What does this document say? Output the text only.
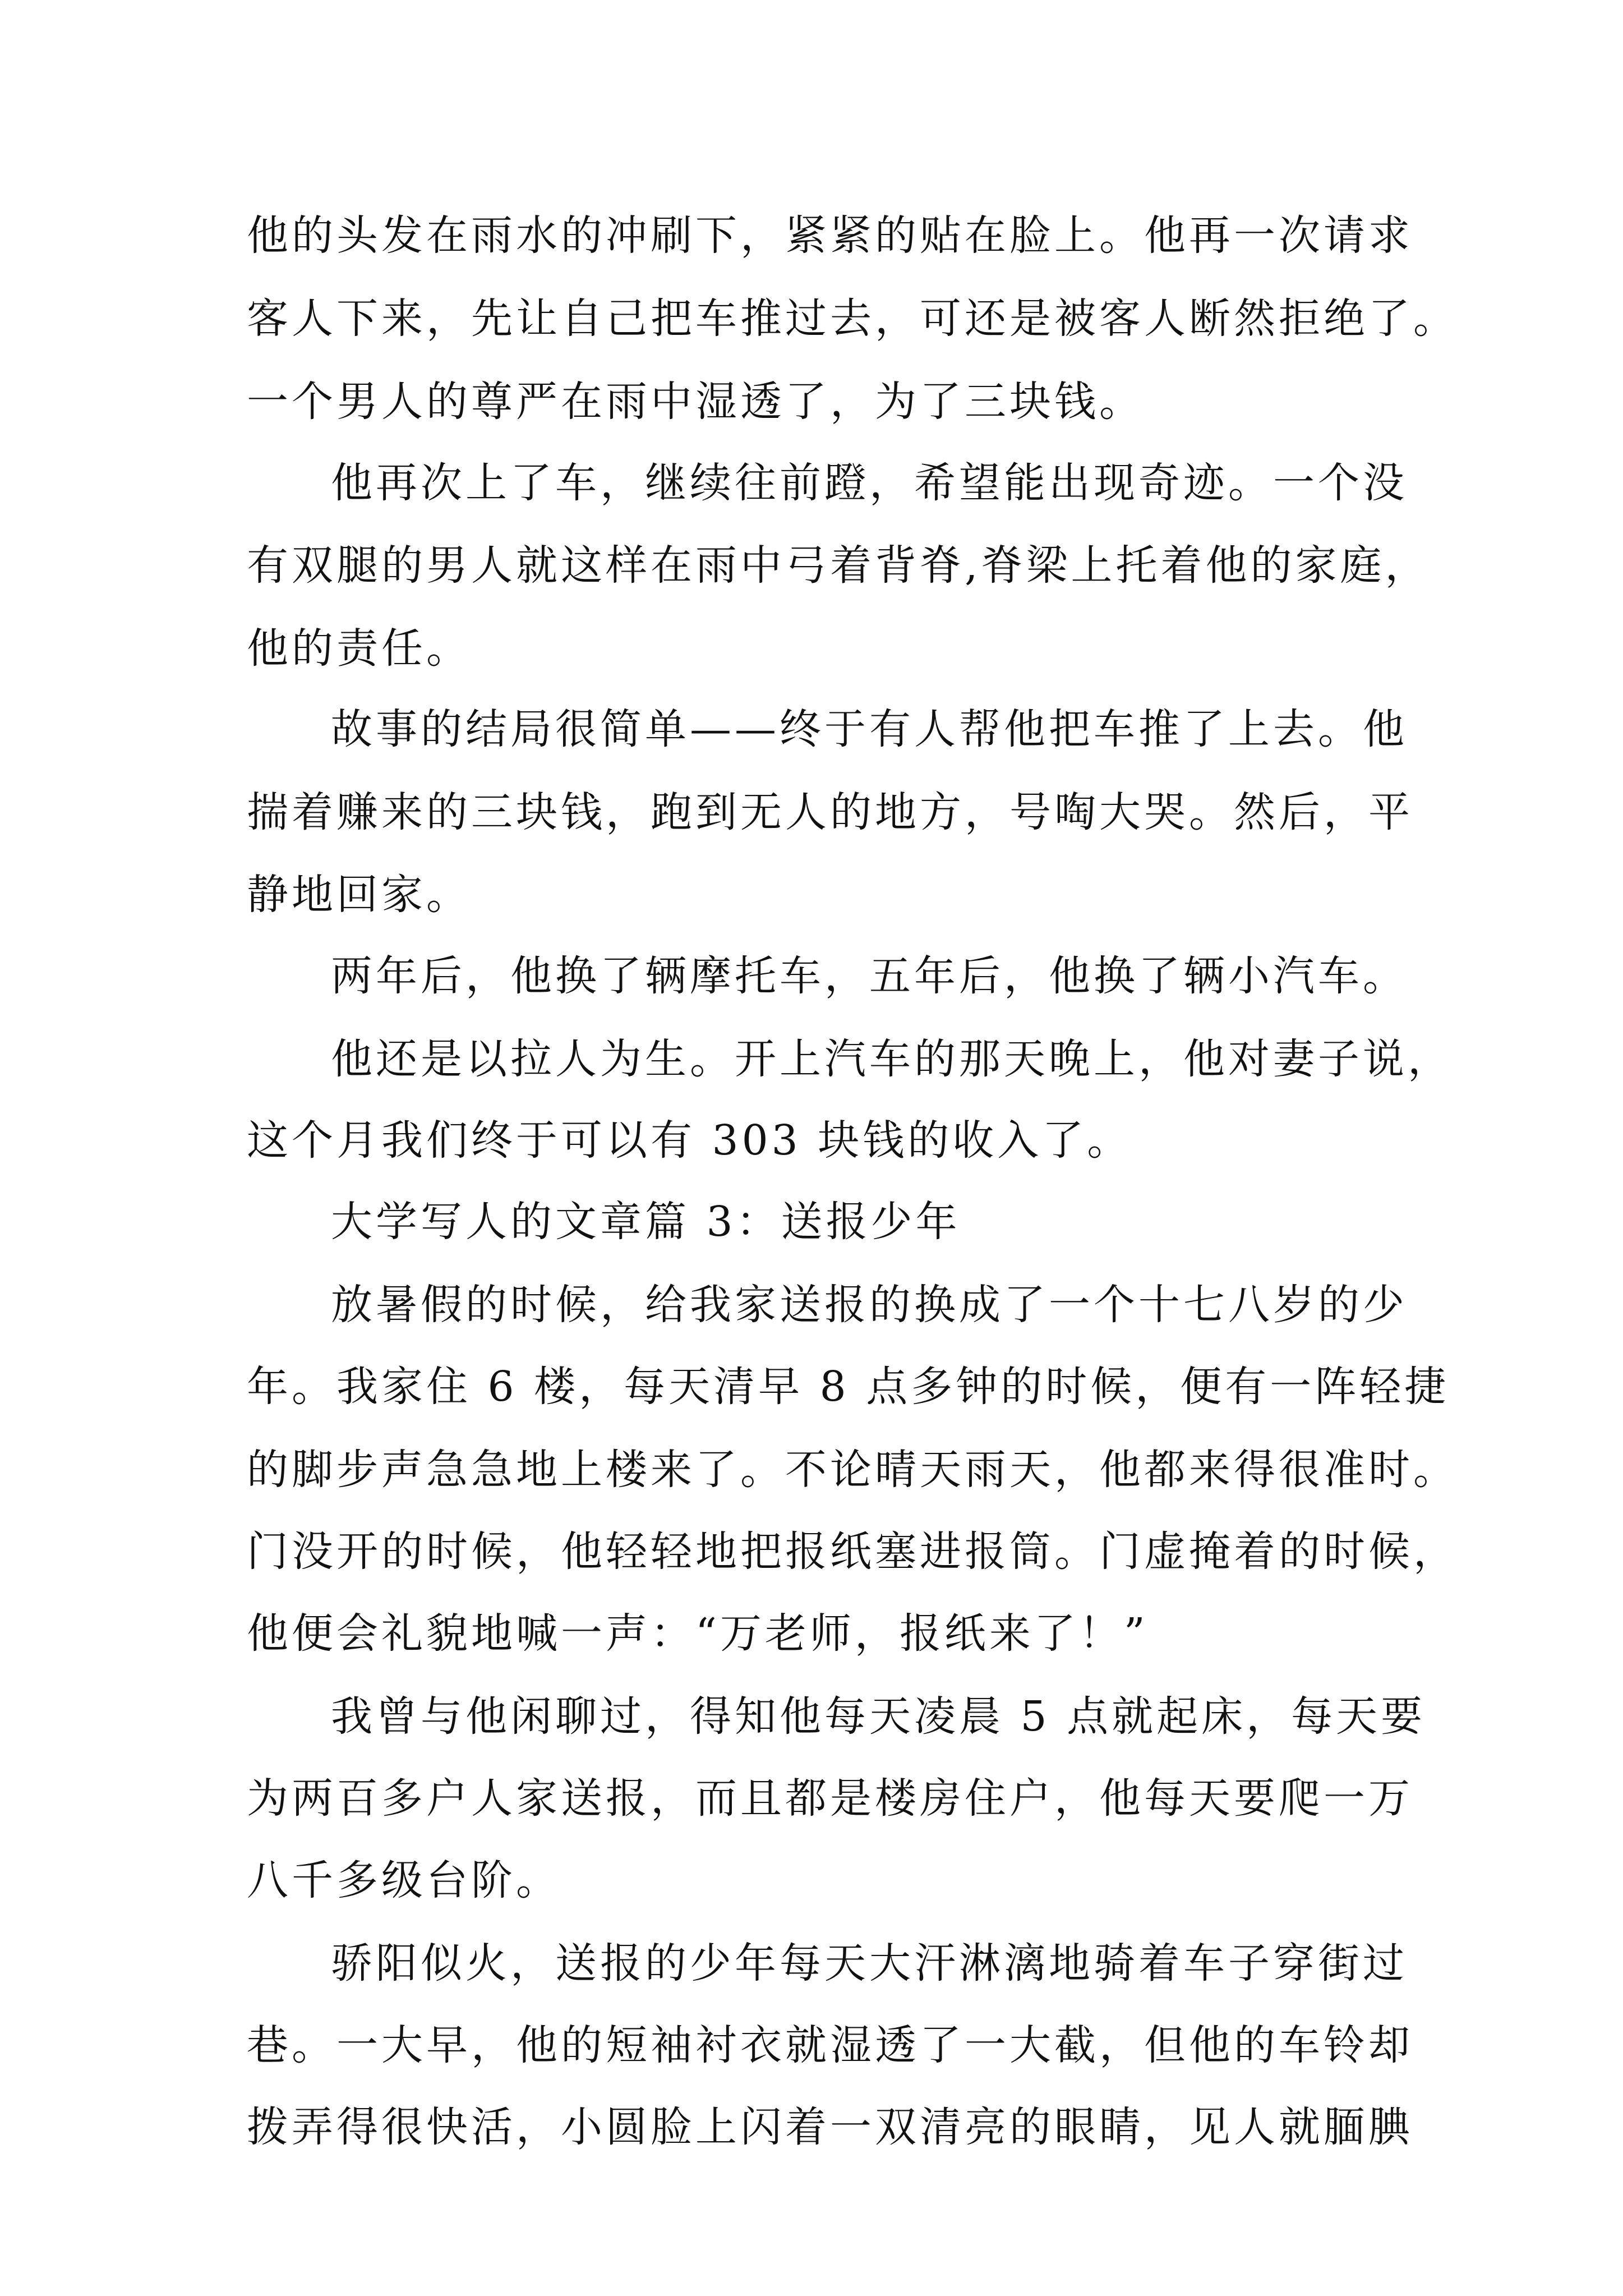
他的头发在雨水的冲刷下，紧紧的贴在脸上。他再一次请求
客人下来，先让自己把车推过去，可还是被客人断然拒绝了。
一个男人的尊严在雨中湿透了，为了三块钱。
他再次上了车，继续往前蹬，希望能出现奇迹。一个没
有双腿的男人就这样在雨中弓着背脊,脊梁上托着他的家庭，
他的责任。
故事的结局很简单——终于有人帮他把车推了上去。他
揣着赚来的三块钱，跑到无人的地方，号啕大哭。然后，平
静地回家。
两年后，他换了辆摩托车，五年后，他换了辆小汽车。
他还是以拉人为生。开上汽车的那天晚上，他对妻子说，
这个月我们终于可以有 303 块钱的收入了。
大学写人的文章篇 3：送报少年
放暑假的时候，给我家送报的换成了一个十七八岁的少
年。我家住 6 楼，每天清早 8 点多钟的时候，便有一阵轻捷
的脚步声急急地上楼来了。不论晴天雨天，他都来得很准时。
门没开的时候，他轻轻地把报纸塞进报筒。门虚掩着的时候，
他便会礼貌地喊一声：“万老师，报纸来了！”
我曾与他闲聊过，得知他每天凌晨 5 点就起床，每天要
为两百多户人家送报，而且都是楼房住户，他每天要爬一万
八千多级台阶。
骄阳似火，送报的少年每天大汗淋漓地骑着车子穿街过
巷。一大早，他的短袖衬衣就湿透了一大截，但他的车铃却
拨弄得很快活，小圆脸上闪着一双清亮的眼睛，见人就腼腆
